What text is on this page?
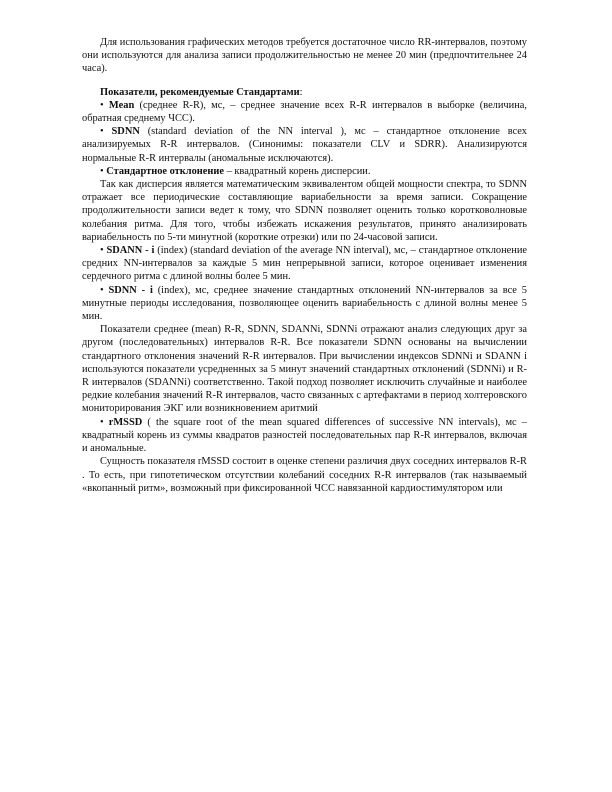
Для использования графических методов требуется достаточное число RR-интервалов, поэтому они используются для анализа записи продолжительностью не менее 20 мин (предпочтительнее 24 часа).

Показатели, рекомендуемые Стандартами:

• Mean (среднее R-R), мс, – среднее значение всех R-R интервалов в выборке (величина, обратная среднему ЧСС).

• SDNN (standard deviation of the NN interval ), мс – стандартное отклонение всех анализируемых R-R интервалов. (Синонимы: показатели CLV и SDRR). Анализируются нормальные R-R интервалы (аномальные исключаются).

• Стандартное отклонение – квадратный корень дисперсии.

Так как дисперсия является математическим эквивалентом общей мощности спектра, то SDNN отражает все периодические составляющие вариабельности за время записи. Сокращение продолжительности записи ведет к тому, что SDNN позволяет оценить только коротковолновые колебания ритма. Для того, чтобы избежать искажения результатов, принято анализировать вариабельность по 5-ти минутной (короткие отрезки) или по 24-часовой записи.

• SDANN - i (index) (standard deviation of the average NN interval), мс, – стандартное отклонение средних NN-интервалов за каждые 5 мин непрерывной записи, которое оценивает изменения сердечного ритма с длиной волны более 5 мин.

• SDNN - i (index), мс, среднее значение стандартных отклонений NN-интервалов за все 5 минутные периоды исследования, позволяющее оценить вариабельность с длиной волны менее 5 мин.

Показатели среднее (mean) R-R, SDNN, SDANNi, SDNNi отражают анализ следующих друг за другом (последовательных) интервалов R-R. Все показатели SDNN основаны на вычислении стандартного отклонения значений R-R интервалов. При вычислении индексов SDNNi и SDANN i используются показатели усредненных за 5 минут значений стандартных отклонений (SDNNi) и R-R интервалов (SDANNi) соответственно. Такой подход позволяет исключить случайные и наиболее редкие колебания значений R-R интервалов, часто связанных с артефактами в период холтеровского мониторирования ЭКГ или возникновением аритмий

• rMSSD ( the square root of the mean squared differences of successive NN intervals), мс – квадратный корень из суммы квадратов разностей последовательных пар R-R интервалов, включая и аномальные.

Сущность показателя rMSSD состоит в оценке степени различия двух соседних интервалов R-R . То есть, при гипотетическом отсутствии колебаний соседних R-R интервалов (так называемый «вкопанный ритм», возможный при фиксированной ЧСС навязанной кардиостимулятором или
